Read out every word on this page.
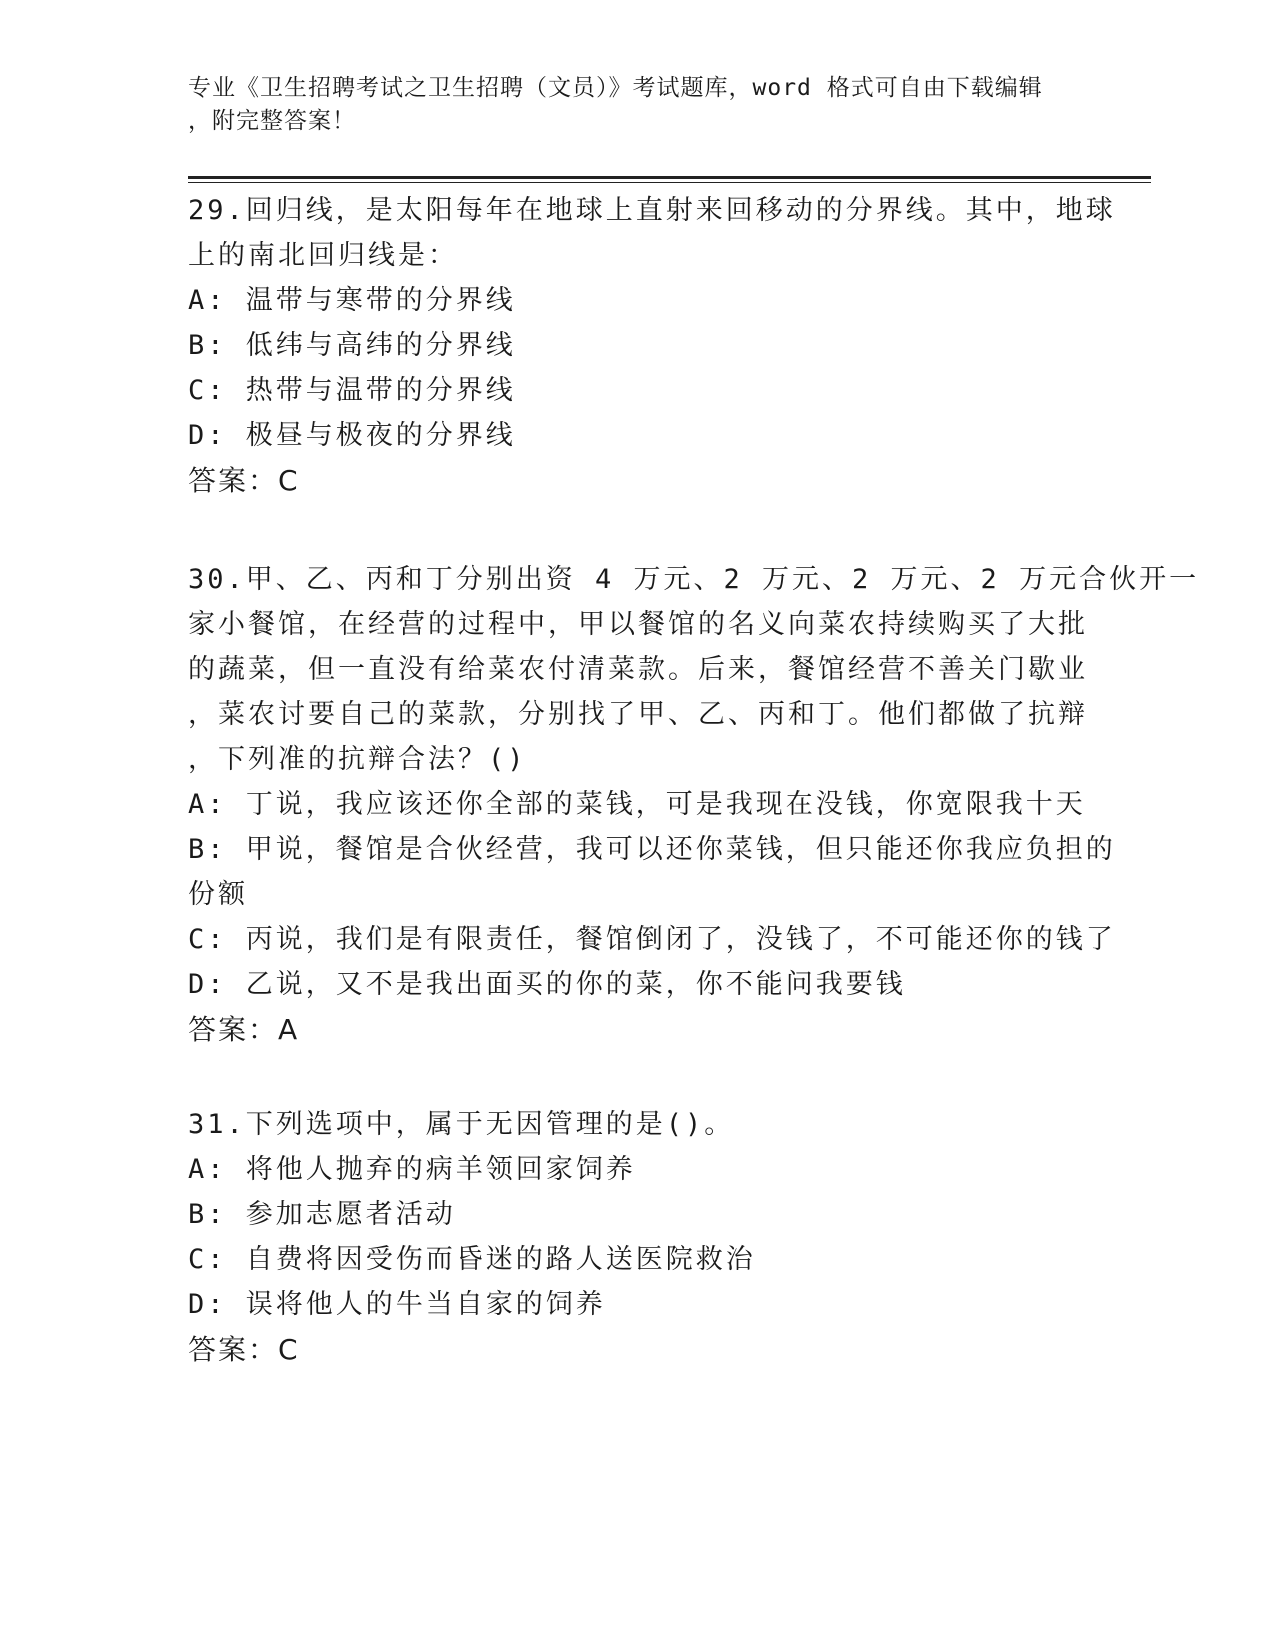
专业《卫生招聘考试之卫生招聘（文员）》考试题库，word 格式可自由下载编辑

，附完整答案！

29.回归线，是太阳每年在地球上直射来回移动的分界线。其中，地球
上的南北回归线是：
A: 温带与寒带的分界线
B: 低纬与高纬的分界线
C: 热带与温带的分界线
D: 极昼与极夜的分界线
答案：C
30.甲、乙、丙和丁分别出资 4 万元、2 万元、2 万元、2 万元合伙开一
家小餐馆，在经营的过程中，甲以餐馆的名义向菜农持续购买了大批
的蔬菜，但一直没有给菜农付清菜款。后来，餐馆经营不善关门歇业
，菜农讨要自己的菜款，分别找了甲、乙、丙和丁。他们都做了抗辩
，下列准的抗辩合法？()
A: 丁说，我应该还你全部的菜钱，可是我现在没钱，你宽限我十天
B: 甲说，餐馆是合伙经营，我可以还你菜钱，但只能还你我应负担的
份额
C: 丙说，我们是有限责任，餐馆倒闭了，没钱了，不可能还你的钱了
D: 乙说，又不是我出面买的你的菜，你不能问我要钱
答案：A
31.下列选项中，属于无因管理的是()。
A: 将他人抛弃的病羊领回家饲养
B: 参加志愿者活动
C: 自费将因受伤而昏迷的路人送医院救治
D: 误将他人的牛当自家的饲养
答案：C
